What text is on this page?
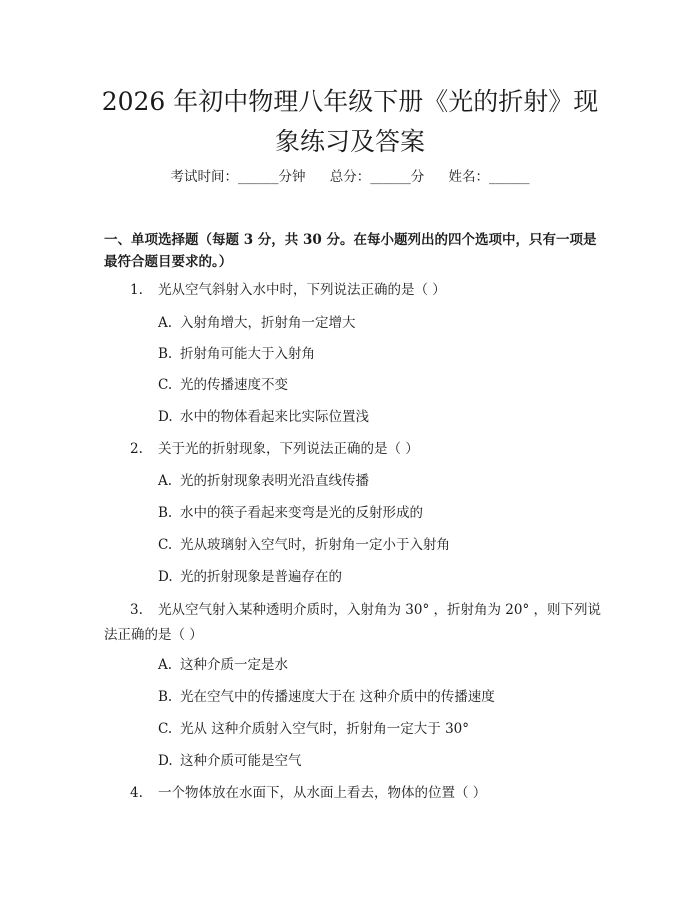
2026 年初中物理八年级下册《光的折射》现
象练习及答案
考试时间：______分钟 总分：______分 姓名：______

一、单项选择题（每题 3 分，共 30 分。在每小题列出的四个选项中，只有一项是最符合题目要求的。）

1. 光从空气斜射入水中时，下列说法正确的是（ ）
A. 入射角增大，折射角一定增大
B. 折射角可能大于入射角
C. 光的传播速度不变
D. 水中的物体看起来比实际位置浅
2. 关于光的折射现象，下列说法正确的是（ ）
A. 光的折射现象表明光沿直线传播
B. 水中的筷子看起来变弯是光的反射形成的
C. 光从玻璃射入空气时，折射角一定小于入射角
D. 光的折射现象是普遍存在的

3. 光从空气射入某种透明介质时，入射角为 30° ，折射角为 20° ，则下列说法正确的是（ ）

A. 这种介质一定是水
B. 光在空气中的传播速度大于在 这种介质中的传播速度
C. 光从 这种介质射入空气时，折射角一定大于 30°
D. 这种介质可能是空气
4. 一个物体放在水面下，从水面上看去，物体的位置（ ）
